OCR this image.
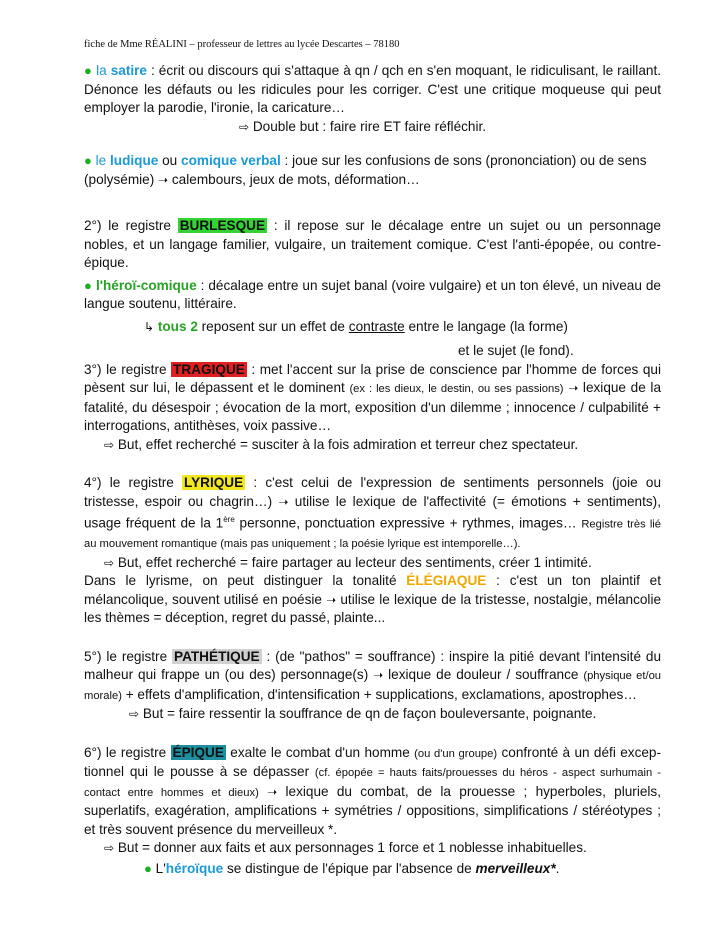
fiche de Mme RÉALINI – professeur de lettres au lycée Descartes – 78180

● la satire : écrit ou discours qui s'attaque à qn / qch en s'en moquant, le ridiculisant, le raillant. Dénonce les défauts ou les ridicules pour les corriger. C'est une critique moqueuse qui peut employer la parodie, l'ironie, la caricature…

⇨ Double but : faire rire ET faire réfléchir.

● le ludique ou comique verbal : joue sur les confusions de sons (prononciation) ou de sens (polysémie) ➝ calembours, jeux de mots, déformation…

2°) le registre BURLESQUE : il repose sur le décalage entre un sujet ou un personnage nobles, et un langage familier, vulgaire, un traitement comique. C'est l'anti-épopée, ou contre-épique.

● l'héroï-comique : décalage entre un sujet banal (voire vulgaire) et un ton élevé, un niveau de langue soutenu, littéraire.

↳ tous 2 reposent sur un effet de contraste entre le langage (la forme)

et le sujet (le fond).

3°) le registre TRAGIQUE : met l'accent sur la prise de conscience par l'homme de forces qui pèsent sur lui, le dépassent et le dominent (ex : les dieux, le destin, ou ses passions) ➝ lexique de la fatalité, du désespoir ; évocation de la mort, exposition d'un dilemme ; innocence / culpabilité + interrogations, antithèses, voix passive…

⇨ But, effet recherché = susciter à la fois admiration et terreur chez spectateur.

4°) le registre LYRIQUE : c'est celui de l'expression de sentiments personnels (joie ou tristesse, espoir ou chagrin…) ➝ utilise le lexique de l'affectivité (= émotions + sentiments), usage fréquent de la 1ère personne, ponctuation expressive + rythmes, images… Registre très lié au mouvement romantique (mais pas uniquement ; la poésie lyrique est intemporelle…).

⇨ But, effet recherché = faire partager au lecteur des sentiments, créer 1 intimité.

Dans le lyrisme, on peut distinguer la tonalité ÉLÉGIAQUE : c'est un ton plaintif et mélancolique, souvent utilisé en poésie ➝ utilise le lexique de la tristesse, nostalgie, mélancolie les thèmes = déception, regret du passé, plainte...

5°) le registre PATHÉTIQUE : (de "pathos" = souffrance) : inspire la pitié devant l'intensité du malheur qui frappe un (ou des) personnage(s) ➝ lexique de douleur / souffrance (physique et/ou morale) + effets d'amplification, d'intensification + supplications, exclamations, apostrophes…

⇨ But = faire ressentir la souffrance de qn de façon bouleversante, poignante.

6°) le registre ÉPIQUE exalte le combat d'un homme (ou d'un groupe) confronté à un défi excep-tionnel qui le pousse à se dépasser (cf. épopée = hauts faits/prouesses du héros - aspect surhumain - contact entre hommes et dieux) ➝ lexique du combat, de la prouesse ; hyperboles, pluriels, superlatifs, exagération, amplifications + symétries / oppositions, simplifications / stéréotypes ; et très souvent présence du merveilleux *.

⇨ But = donner aux faits et aux personnages 1 force et 1 noblesse inhabituelles.

● L'héroïque se distingue de l'épique par l'absence de merveilleux*.
